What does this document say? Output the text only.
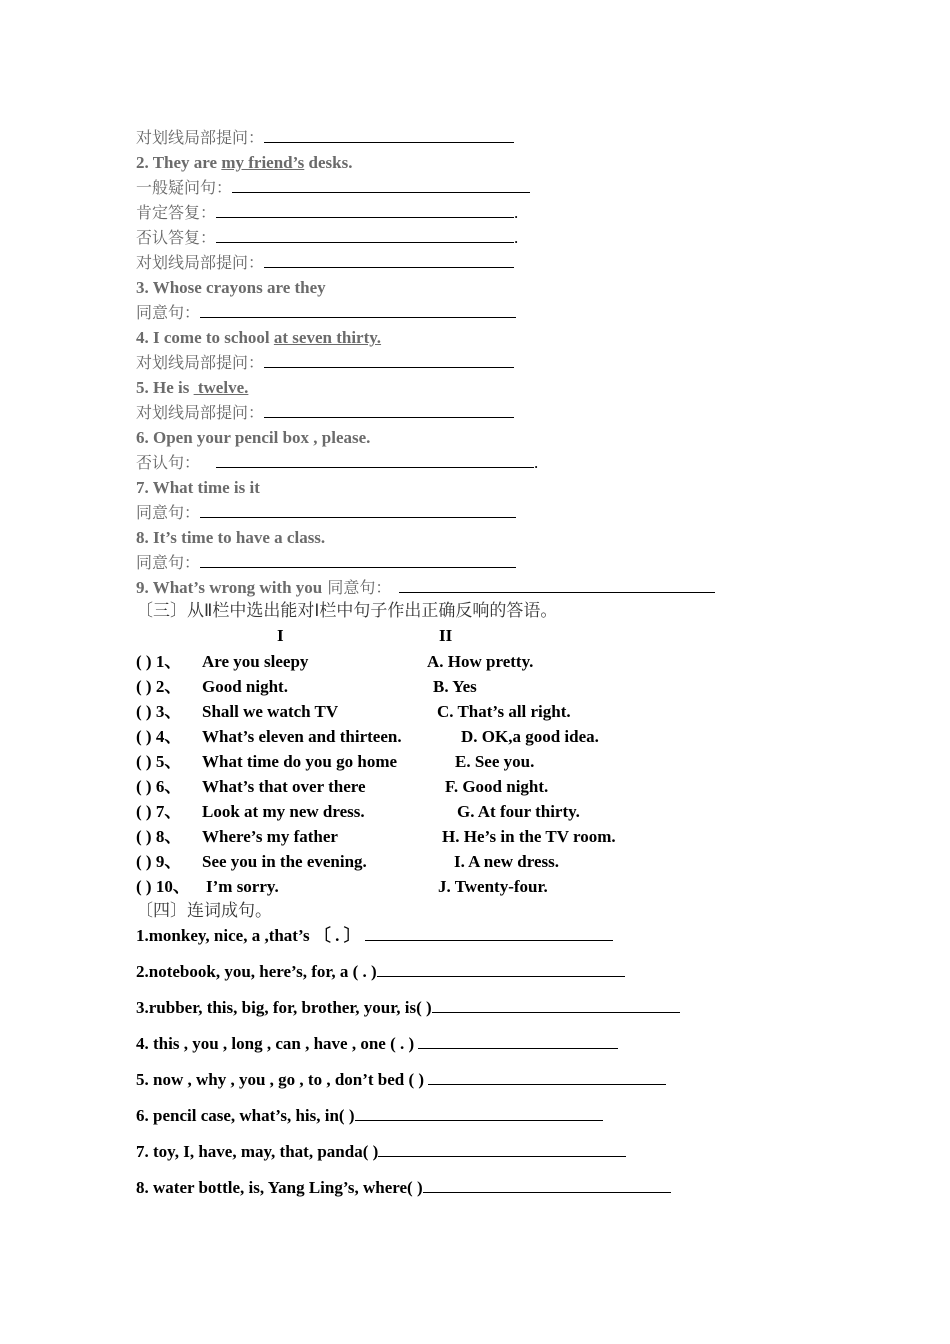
对划线局部提问：
2. They are my friend’s desks.
一般疑问句：
肯定答复：	.
否认答复：	.
对划线局部提问：
3. Whose crayons are they
同意句：
4. I come to school at seven thirty.
对划线局部提问：
5. He is  twelve.
对划线局部提问：
6. Open your pencil box , please.
否认句：	.
7. What time is it
同意句：
8. It’s time to have a class.
同意句：
9. What’s wrong with you 同意句：
〔三〕从Ⅱ栏中选出能对Ⅰ栏中句子作出正确反响的答语。
I	II
( ) 1、 Are you sleepy	A. How pretty.
( ) 2、 Good night.	B. Yes
( ) 3、 Shall we watch TV	C. That’s all right.
( ) 4、 What’s eleven and thirteen.	D. OK,a good idea.
( ) 5、 What time do you go home	E. See you.
( ) 6、 What’s that over there	F. Good night.
( ) 7、 Look at my new dress.	G. At four thirty.
( ) 8、 Where’s my father	H. He’s in the TV room.
( ) 9、 See you in the evening.	I. A new dress.
( ) 10、 I’m sorry.	J. Twenty-four.
〔四〕连词成句。
1.monkey, nice, a ,that’s 〔 . 〕
2.notebook, you, here’s, for, a ( . )
3.rubber, this, big, for, brother, your, is( )
4. this , you , long , can , have , one ( . )
5. now , why , you , go , to , don’t bed ( )
6. pencil case, what’s, his, in( )
7. toy, I, have, may, that, panda( )
8. water bottle, is, Yang Ling’s, where( )
